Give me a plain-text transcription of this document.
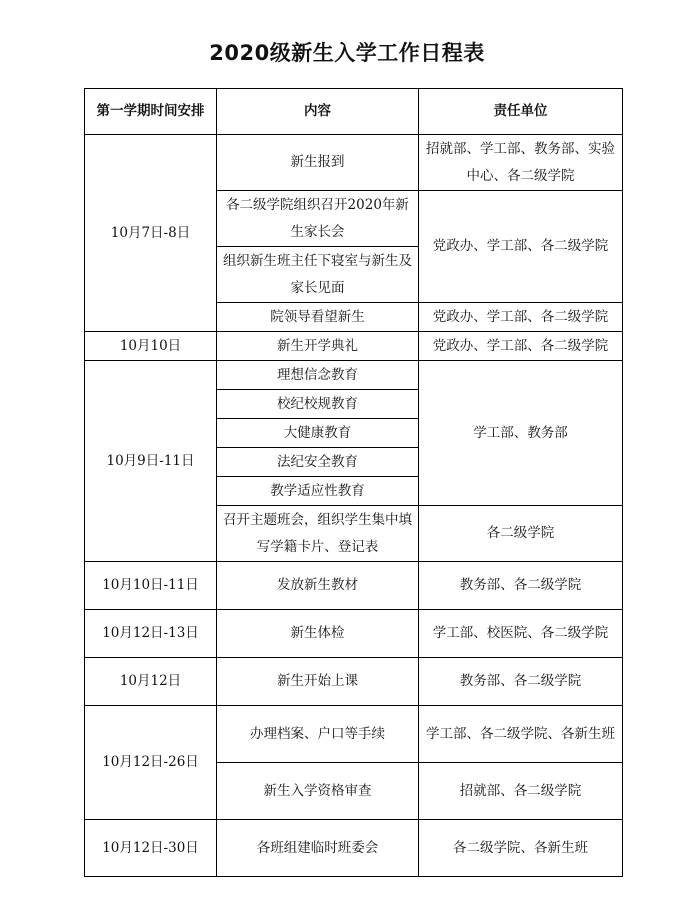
2020级新生入学工作日程表
第一学期时间安排	内容	责任单位
10月7日-8日	新生报到	招就部、学工部、教务部、实验中心、各二级学院
	各二级学院组织召开2020年新生家长会	党政办、学工部、各二级学院
	组织新生班主任下寝室与新生及家长见面	
	院领导看望新生	党政办、学工部、各二级学院
10月10日	新生开学典礼	党政办、学工部、各二级学院
10月9日-11日	理想信念教育	学工部、教务部
	校纪校规教育	
	大健康教育	
	法纪安全教育	
	教学适应性教育	
	召开主题班会，组织学生集中填写学籍卡片、登记表	各二级学院
10月10日-11日	发放新生教材	教务部、各二级学院
10月12日-13日	新生体检	学工部、校医院、各二级学院
10月12日	新生开始上课	教务部、各二级学院
10月12日-26日	办理档案、户口等手续	学工部、各二级学院、各新生班
	新生入学资格审查	招就部、各二级学院
10月12日-30日	各班组建临时班委会	各二级学院、各新生班
